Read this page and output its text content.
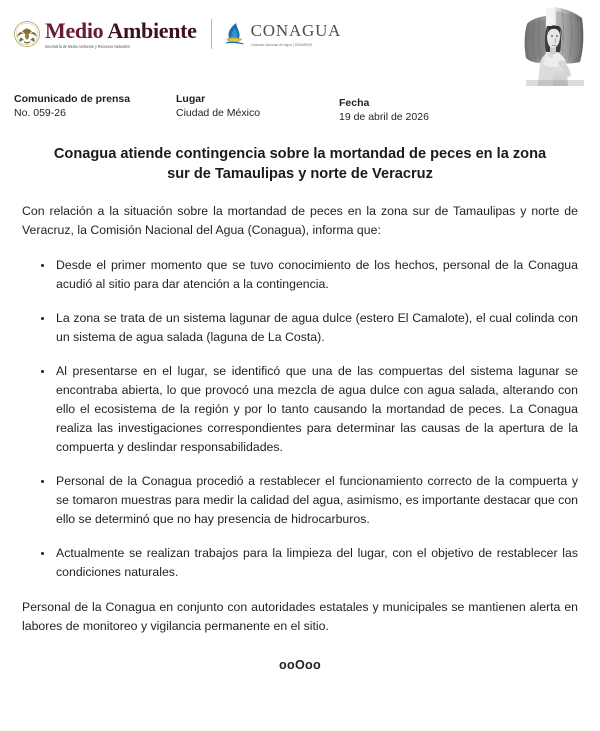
Medio Ambiente
Secretaría de Medio Ambiente y Recursos Naturales
CONAGUA
Comisión Nacional del Agua | SEMARNAT
Comunicado de prensa
No. 059-26
Lugar
Ciudad de México
Fecha
19 de abril de 2026
Conagua atiende contingencia sobre la mortandad de peces en la zona sur de Tamaulipas y norte de Veracruz

Con relación a la situación sobre la mortandad de peces en la zona sur de Tamaulipas y norte de Veracruz, la Comisión Nacional del Agua (Conagua), informa que:

Desde el primer momento que se tuvo conocimiento de los hechos, personal de la Conagua acudió al sitio para dar atención a la contingencia.
La zona se trata de un sistema lagunar de agua dulce (estero El Camalote), el cual colinda con un sistema de agua salada (laguna de La Costa).
Al presentarse en el lugar, se identificó que una de las compuertas del sistema lagunar se encontraba abierta, lo que provocó una mezcla de agua dulce con agua salada, alterando con ello el ecosistema de la región y por lo tanto causando la mortandad de peces. La Conagua realiza las investigaciones correspondientes para determinar las causas de la apertura de la compuerta y deslindar responsabilidades.
Personal de la Conagua procedió a restablecer el funcionamiento correcto de la compuerta y se tomaron muestras para medir la calidad del agua, asimismo, es importante destacar que con ello se determinó que no hay presencia de hidrocarburos.
Actualmente se realizan trabajos para la limpieza del lugar, con el objetivo de restablecer las condiciones naturales.

Personal de la Conagua en conjunto con autoridades estatales y municipales se mantienen alerta en labores de monitoreo y vigilancia permanente en el sitio.

ooOoo
